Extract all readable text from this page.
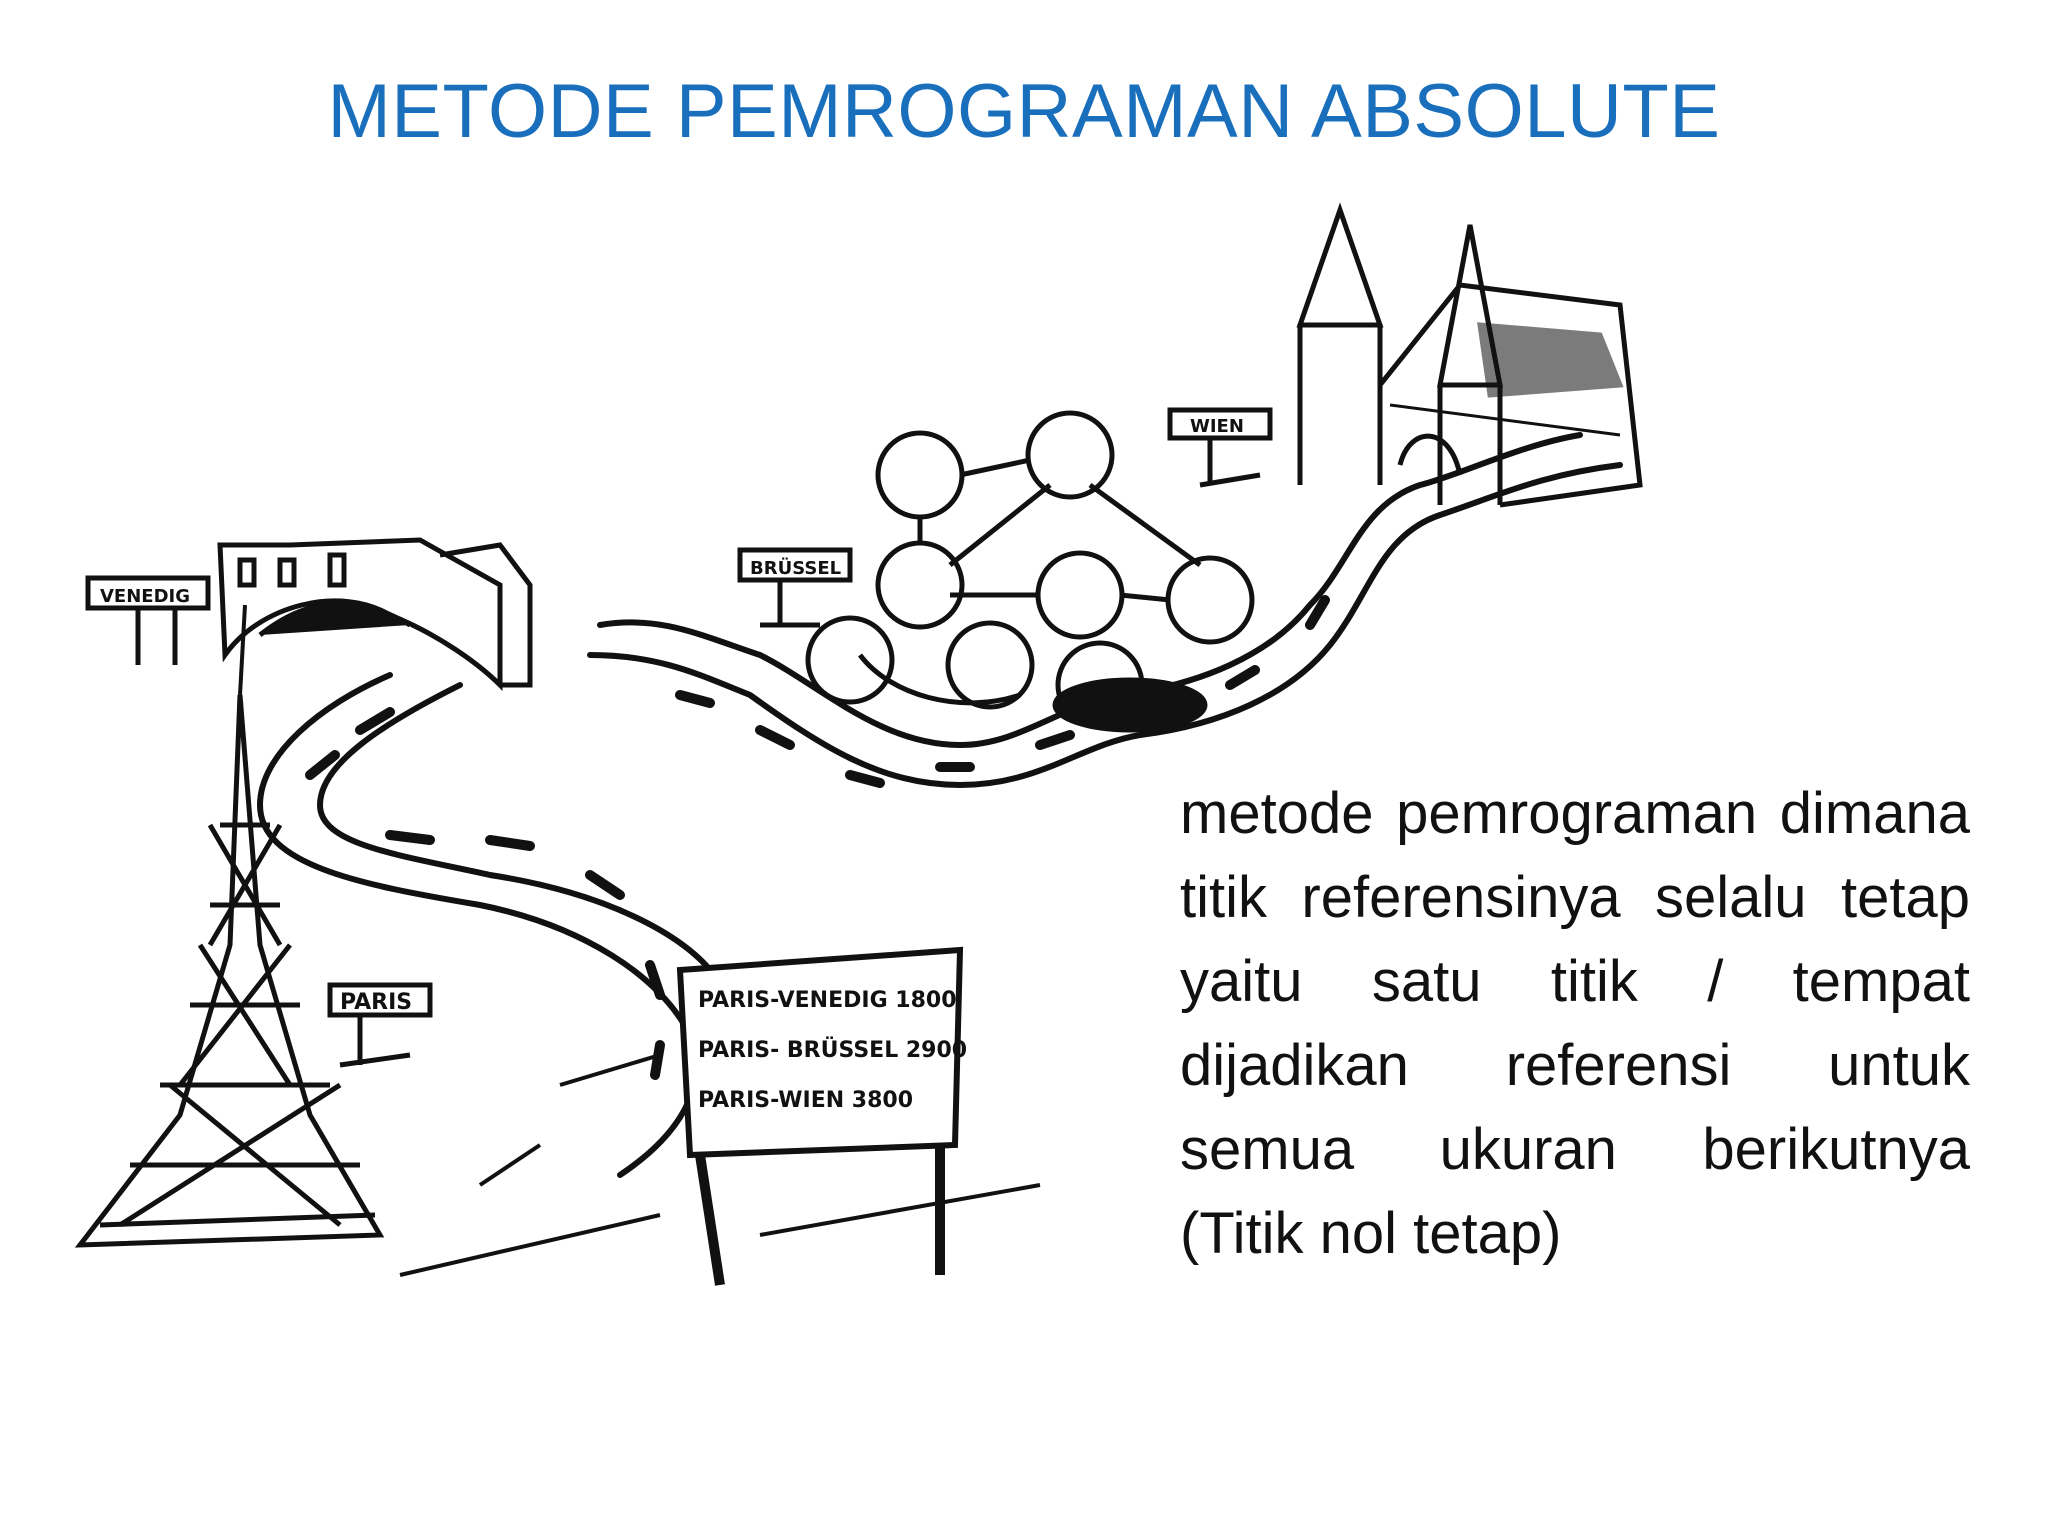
METODE PEMROGRAMAN ABSOLUTE
VENEDIG
BRÜSSEL
WIEN
PARIS	PARIS-VENEDIG 1800
PARIS- BRÜSSEL 2900
PARIS-WIEN 3800

metode pemrograman dimana titik referensinya selalu tetap yaitu satu titik / tempat dijadikan referensi untuk semua ukuran berikutnya (Titik nol tetap)
